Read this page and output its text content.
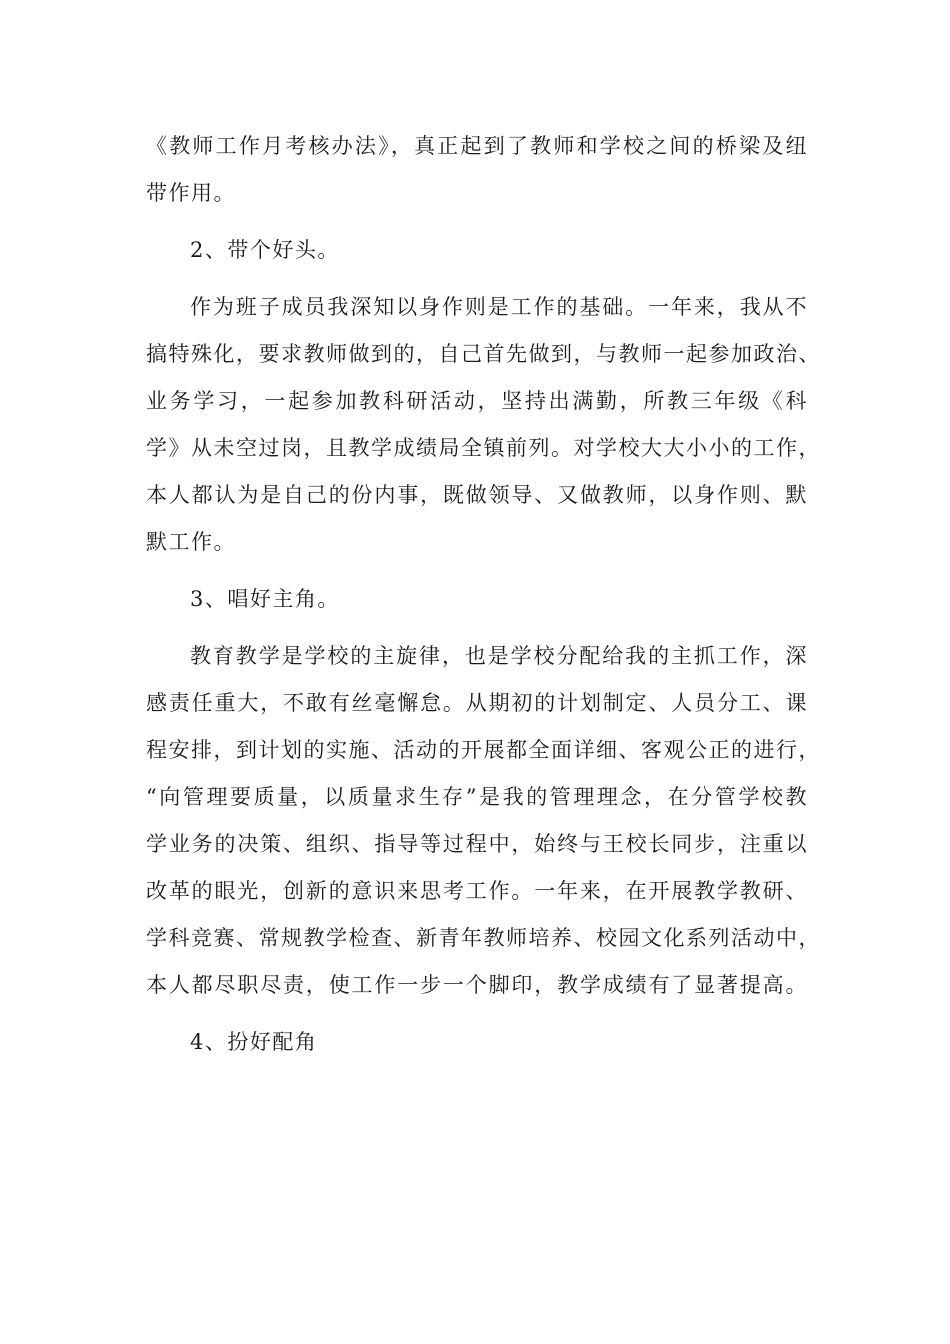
《教师工作月考核办法》，真正起到了教师和学校之间的桥梁及纽
带作用。
2、带个好头。
作为班子成员我深知以身作则是工作的基础。一年来，我从不
搞特殊化，要求教师做到的，自己首先做到，与教师一起参加政治、
业务学习，一起参加教科研活动，坚持出满勤，所教三年级《科
学》从未空过岗，且教学成绩局全镇前列。对学校大大小小的工作，
本人都认为是自己的份内事，既做领导、又做教师，以身作则、默
默工作。
3、唱好主角。
教育教学是学校的主旋律，也是学校分配给我的主抓工作，深
感责任重大，不敢有丝毫懈怠。从期初的计划制定、人员分工、课
程安排，到计划的实施、活动的开展都全面详细、客观公正的进行，
“向管理要质量，以质量求生存”是我的管理理念，在分管学校教
学业务的决策、组织、指导等过程中，始终与王校长同步，注重以
改革的眼光，创新的意识来思考工作。一年来，在开展教学教研、
学科竞赛、常规教学检查、新青年教师培养、校园文化系列活动中，
本人都尽职尽责，使工作一步一个脚印，教学成绩有了显著提高。
4、扮好配角
